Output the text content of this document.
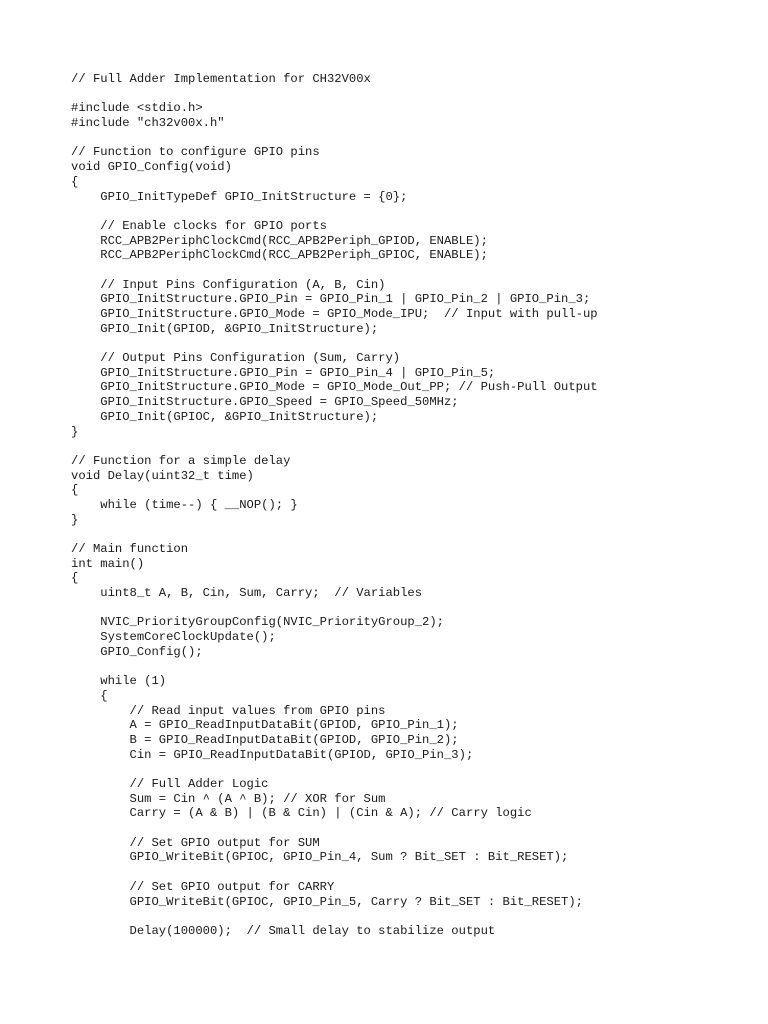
// Full Adder Implementation for CH32V00x
#include <stdio.h>
#include "ch32v00x.h"
// Function to configure GPIO pins
void GPIO_Config(void)
{
GPIO_InitTypeDef GPIO_InitStructure = {0};
// Enable clocks for GPIO ports
RCC_APB2PeriphClockCmd(RCC_APB2Periph_GPIOD, ENABLE);
RCC_APB2PeriphClockCmd(RCC_APB2Periph_GPIOC, ENABLE);
// Input Pins Configuration (A, B, Cin)
GPIO_InitStructure.GPIO_Pin = GPIO_Pin_1 | GPIO_Pin_2 | GPIO_Pin_3;
GPIO_InitStructure.GPIO_Mode = GPIO_Mode_IPU;  // Input with pull-up
GPIO_Init(GPIOD, &GPIO_InitStructure);
// Output Pins Configuration (Sum, Carry)
GPIO_InitStructure.GPIO_Pin = GPIO_Pin_4 | GPIO_Pin_5;
GPIO_InitStructure.GPIO_Mode = GPIO_Mode_Out_PP; // Push-Pull Output
GPIO_InitStructure.GPIO_Speed = GPIO_Speed_50MHz;
GPIO_Init(GPIOC, &GPIO_InitStructure);
}
// Function for a simple delay
void Delay(uint32_t time)
{
while (time--) { __NOP(); }
}
// Main function
int main()
{
uint8_t A, B, Cin, Sum, Carry;  // Variables
NVIC_PriorityGroupConfig(NVIC_PriorityGroup_2);
SystemCoreClockUpdate();
GPIO_Config();
while (1)
{
// Read input values from GPIO pins
A = GPIO_ReadInputDataBit(GPIOD, GPIO_Pin_1);
B = GPIO_ReadInputDataBit(GPIOD, GPIO_Pin_2);
Cin = GPIO_ReadInputDataBit(GPIOD, GPIO_Pin_3);
// Full Adder Logic
Sum = Cin ^ (A ^ B); // XOR for Sum
Carry = (A & B) | (B & Cin) | (Cin & A); // Carry logic
// Set GPIO output for SUM
GPIO_WriteBit(GPIOC, GPIO_Pin_4, Sum ? Bit_SET : Bit_RESET);
// Set GPIO output for CARRY
GPIO_WriteBit(GPIOC, GPIO_Pin_5, Carry ? Bit_SET : Bit_RESET);
Delay(100000);  // Small delay to stabilize output
